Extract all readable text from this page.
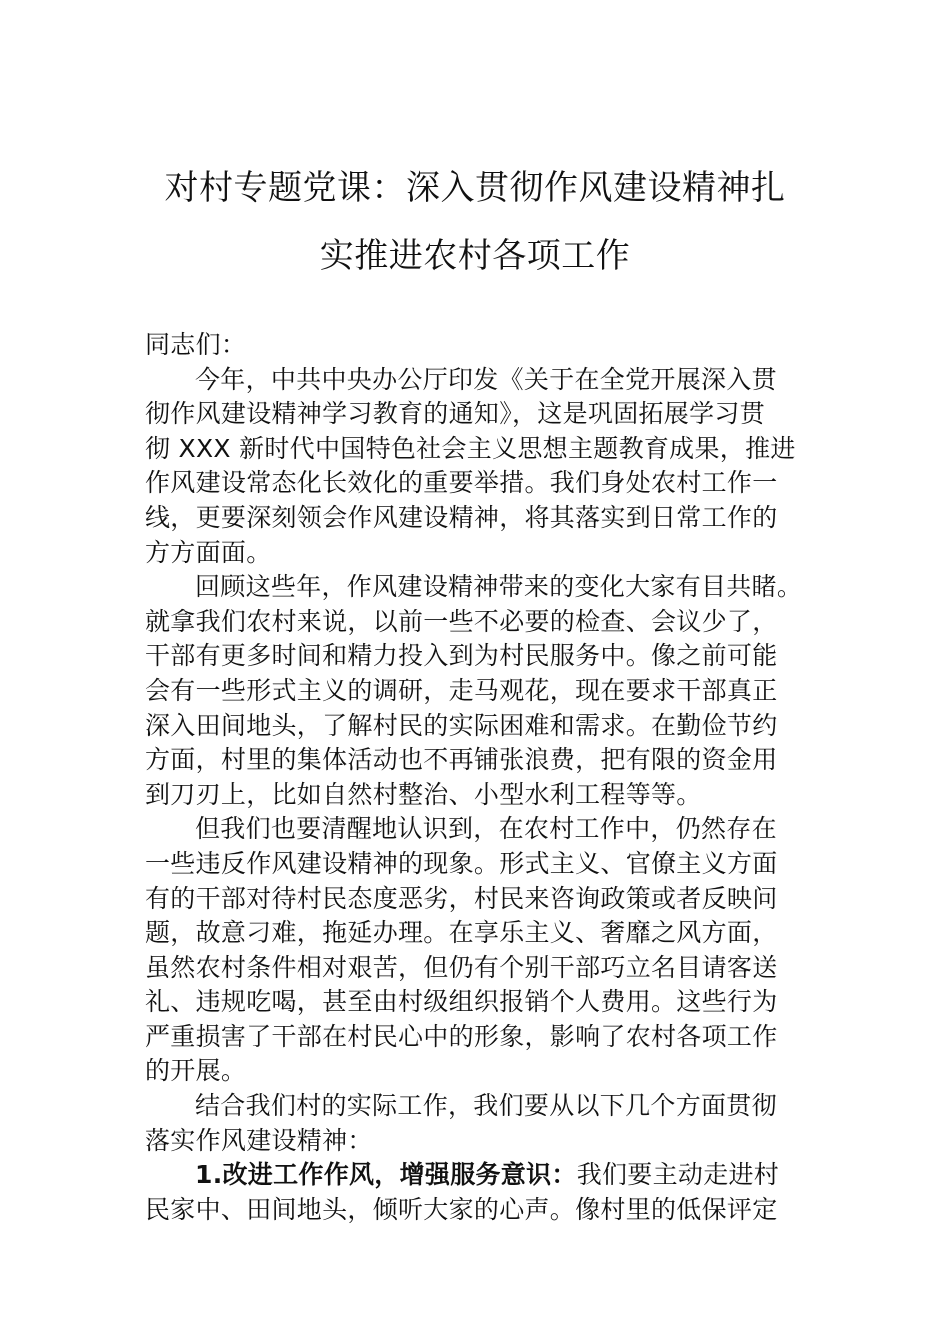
对村专题党课：深入贯彻作风建设精神扎
实推进农村各项工作

同志们：

今年，中共中央办公厅印发《关于在全党开展深入贯
彻作风建设精神学习教育的通知》，这是巩固拓展学习贯
彻 XXX 新时代中国特色社会主义思想主题教育成果，推进
作风建设常态化长效化的重要举措。我们身处农村工作一
线，更要深刻领会作风建设精神，将其落实到日常工作的
方方面面。

回顾这些年，作风建设精神带来的变化大家有目共睹。
就拿我们农村来说，以前一些不必要的检查、会议少了，
干部有更多时间和精力投入到为村民服务中。像之前可能
会有一些形式主义的调研，走马观花，现在要求干部真正
深入田间地头，了解村民的实际困难和需求。在勤俭节约
方面，村里的集体活动也不再铺张浪费，把有限的资金用
到刀刃上，比如自然村整治、小型水利工程等等。

但我们也要清醒地认识到，在农村工作中，仍然存在
一些违反作风建设精神的现象。形式主义、官僚主义方面
有的干部对待村民态度恶劣，村民来咨询政策或者反映问
题，故意刁难，拖延办理。在享乐主义、奢靡之风方面，
虽然农村条件相对艰苦，但仍有个别干部巧立名目请客送
礼、违规吃喝，甚至由村级组织报销个人费用。这些行为
严重损害了干部在村民心中的形象，影响了农村各项工作
的开展。

结合我们村的实际工作，我们要从以下几个方面贯彻
落实作风建设精神：

1.改进工作作风，增强服务意识：我们要主动走进村
民家中、田间地头，倾听大家的心声。像村里的低保评定
